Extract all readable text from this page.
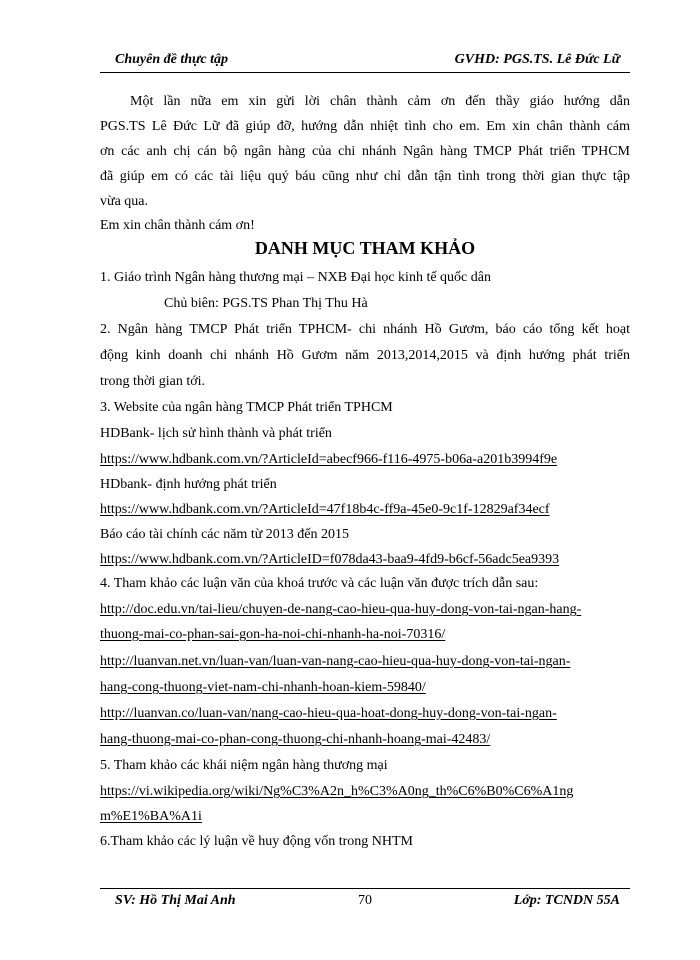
Chuyên đề thực tập	GVHD: PGS.TS. Lê Đức Lữ
Một lần nữa em xin gửi lời chân thành cảm ơn đến thầy giáo hướng dẫn
PGS.TS Lê Đức Lữ đã giúp đỡ, hướng dẫn nhiệt tình cho em. Em xin chân thành cám
ơn các anh chị cán bộ ngân hàng của chi nhánh Ngân hàng TMCP Phát triển TPHCM
đã giúp em có các tài liệu quý báu cũng như chỉ dẫn tận tình trong thời gian thực tập
vừa qua.
Em xin chân thành cám ơn!
DANH MỤC THAM KHẢO
1. Giáo trình Ngân hàng thương mại – NXB Đại học kinh tế quốc dân
Chủ biên: PGS.TS Phan Thị Thu Hà
2. Ngân hàng TMCP Phát triển TPHCM- chi nhánh Hồ Gươm, báo cáo tổng kết hoạt
động kinh doanh chi nhánh Hồ Gươm năm 2013,2014,2015 và định hướng phát triển
trong thời gian tới.
3. Website của ngân hàng TMCP Phát triển TPHCM
HDBank- lịch sử hình thành và phát triển
https://www.hdbank.com.vn/?ArticleId=abecf966-f116-4975-b06a-a201b3994f9e
HDbank- định hướng phát triển
https://www.hdbank.com.vn/?ArticleId=47f18b4c-ff9a-45e0-9c1f-12829af34ecf
Báo cáo tài chính các năm từ 2013 đến 2015
https://www.hdbank.com.vn/?ArticleID=f078da43-baa9-4fd9-b6cf-56adc5ea9393
4. Tham khảo các luận văn của khoá trước và các luận văn được trích dẫn sau:
http://doc.edu.vn/tai-lieu/chuyen-de-nang-cao-hieu-qua-huy-dong-von-tai-ngan-hang-
thuong-mai-co-phan-sai-gon-ha-noi-chi-nhanh-ha-noi-70316/
http://luanvan.net.vn/luan-van/luan-van-nang-cao-hieu-qua-huy-dong-von-tai-ngan-
hang-cong-thuong-viet-nam-chi-nhanh-hoan-kiem-59840/
http://luanvan.co/luan-van/nang-cao-hieu-qua-hoat-dong-huy-dong-von-tai-ngan-
hang-thuong-mai-co-phan-cong-thuong-chi-nhanh-hoang-mai-42483/
5. Tham khảo các khái niệm ngân hàng thương mại
https://vi.wikipedia.org/wiki/Ng%C3%A2n_h%C3%A0ng_th%C6%B0%C6%A1ng
m%E1%BA%A1i
6.Tham khảo các lý luận về huy động vốn trong NHTM
SV: Hồ Thị Mai Anh	70	Lớp: TCNDN 55A
